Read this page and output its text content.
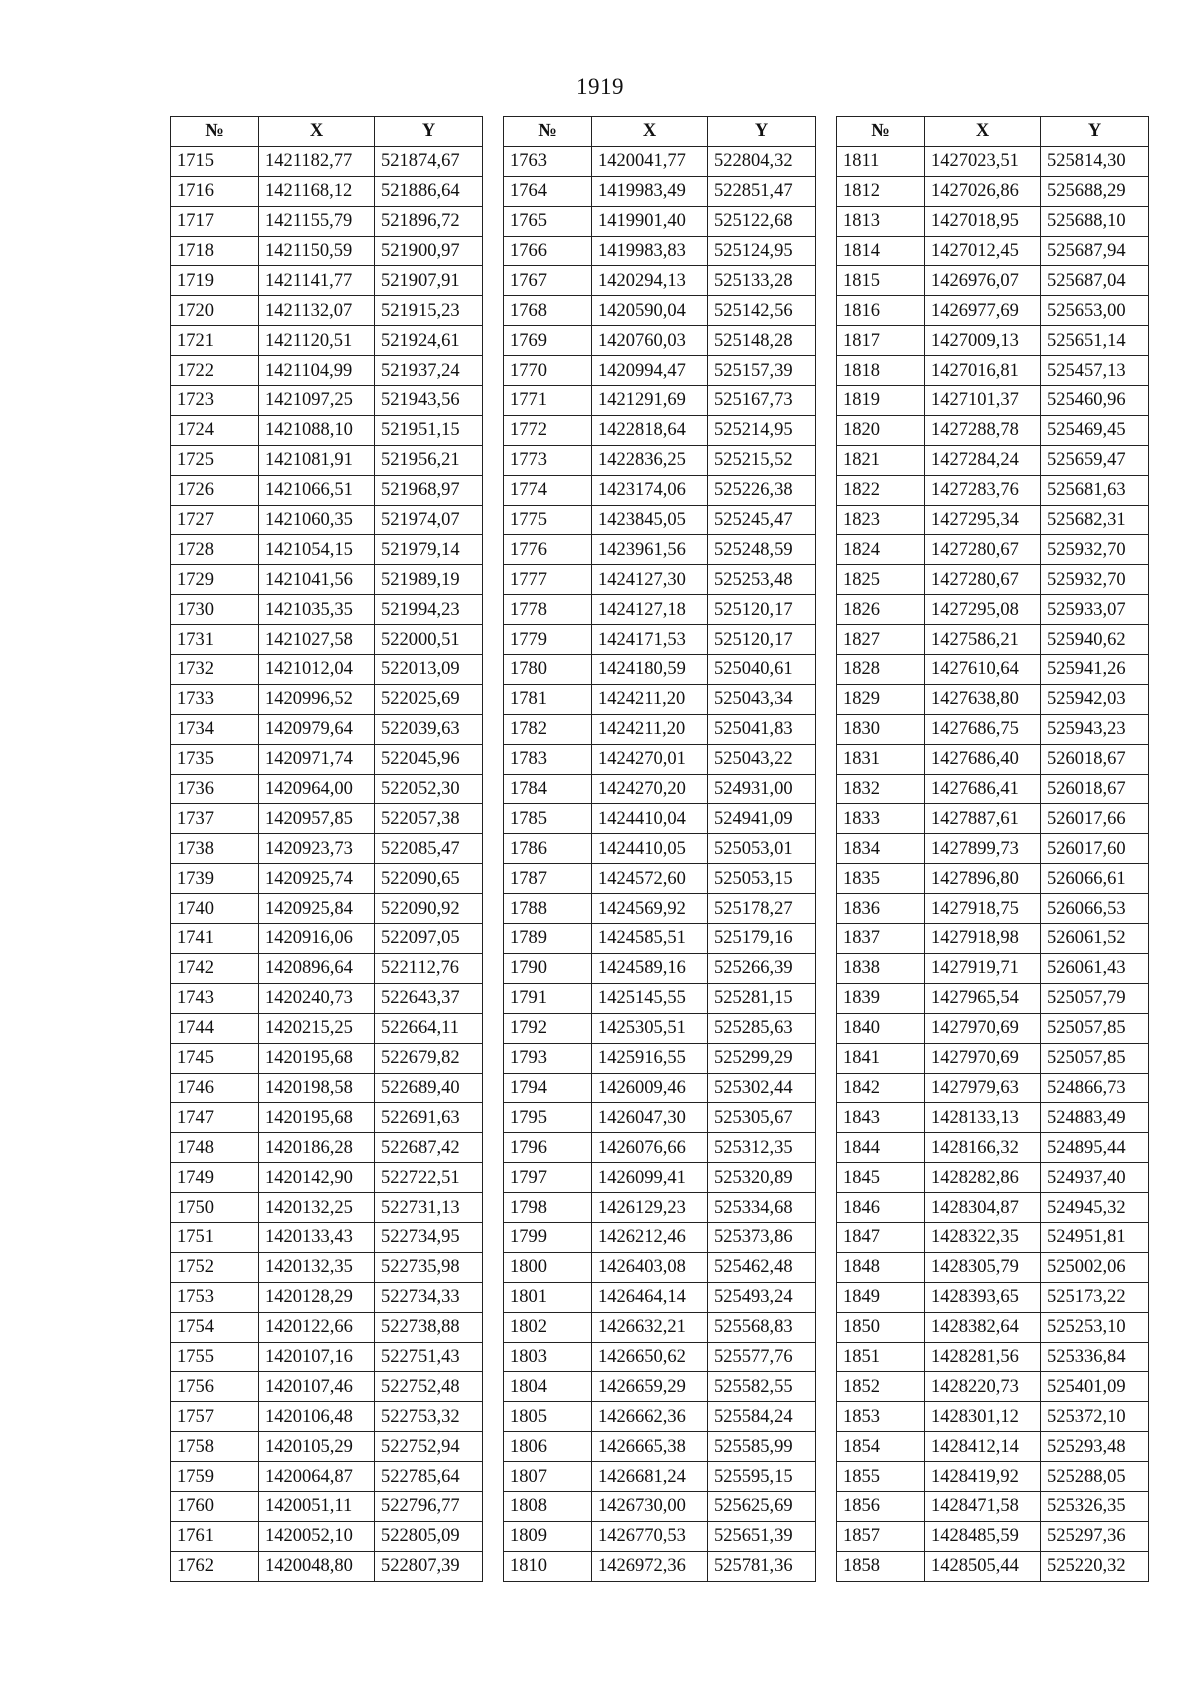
1919
№	X	Y
1715	1421182,77	521874,67
1716	1421168,12	521886,64
1717	1421155,79	521896,72
1718	1421150,59	521900,97
1719	1421141,77	521907,91
1720	1421132,07	521915,23
1721	1421120,51	521924,61
1722	1421104,99	521937,24
1723	1421097,25	521943,56
1724	1421088,10	521951,15
1725	1421081,91	521956,21
1726	1421066,51	521968,97
1727	1421060,35	521974,07
1728	1421054,15	521979,14
1729	1421041,56	521989,19
1730	1421035,35	521994,23
1731	1421027,58	522000,51
1732	1421012,04	522013,09
1733	1420996,52	522025,69
1734	1420979,64	522039,63
1735	1420971,74	522045,96
1736	1420964,00	522052,30
1737	1420957,85	522057,38
1738	1420923,73	522085,47
1739	1420925,74	522090,65
1740	1420925,84	522090,92
1741	1420916,06	522097,05
1742	1420896,64	522112,76
1743	1420240,73	522643,37
1744	1420215,25	522664,11
1745	1420195,68	522679,82
1746	1420198,58	522689,40
1747	1420195,68	522691,63
1748	1420186,28	522687,42
1749	1420142,90	522722,51
1750	1420132,25	522731,13
1751	1420133,43	522734,95
1752	1420132,35	522735,98
1753	1420128,29	522734,33
1754	1420122,66	522738,88
1755	1420107,16	522751,43
1756	1420107,46	522752,48
1757	1420106,48	522753,32
1758	1420105,29	522752,94
1759	1420064,87	522785,64
1760	1420051,11	522796,77
1761	1420052,10	522805,09
1762	1420048,80	522807,39
№	X	Y
1763	1420041,77	522804,32
1764	1419983,49	522851,47
1765	1419901,40	525122,68
1766	1419983,83	525124,95
1767	1420294,13	525133,28
1768	1420590,04	525142,56
1769	1420760,03	525148,28
1770	1420994,47	525157,39
1771	1421291,69	525167,73
1772	1422818,64	525214,95
1773	1422836,25	525215,52
1774	1423174,06	525226,38
1775	1423845,05	525245,47
1776	1423961,56	525248,59
1777	1424127,30	525253,48
1778	1424127,18	525120,17
1779	1424171,53	525120,17
1780	1424180,59	525040,61
1781	1424211,20	525043,34
1782	1424211,20	525041,83
1783	1424270,01	525043,22
1784	1424270,20	524931,00
1785	1424410,04	524941,09
1786	1424410,05	525053,01
1787	1424572,60	525053,15
1788	1424569,92	525178,27
1789	1424585,51	525179,16
1790	1424589,16	525266,39
1791	1425145,55	525281,15
1792	1425305,51	525285,63
1793	1425916,55	525299,29
1794	1426009,46	525302,44
1795	1426047,30	525305,67
1796	1426076,66	525312,35
1797	1426099,41	525320,89
1798	1426129,23	525334,68
1799	1426212,46	525373,86
1800	1426403,08	525462,48
1801	1426464,14	525493,24
1802	1426632,21	525568,83
1803	1426650,62	525577,76
1804	1426659,29	525582,55
1805	1426662,36	525584,24
1806	1426665,38	525585,99
1807	1426681,24	525595,15
1808	1426730,00	525625,69
1809	1426770,53	525651,39
1810	1426972,36	525781,36
№	X	Y
1811	1427023,51	525814,30
1812	1427026,86	525688,29
1813	1427018,95	525688,10
1814	1427012,45	525687,94
1815	1426976,07	525687,04
1816	1426977,69	525653,00
1817	1427009,13	525651,14
1818	1427016,81	525457,13
1819	1427101,37	525460,96
1820	1427288,78	525469,45
1821	1427284,24	525659,47
1822	1427283,76	525681,63
1823	1427295,34	525682,31
1824	1427280,67	525932,70
1825	1427280,67	525932,70
1826	1427295,08	525933,07
1827	1427586,21	525940,62
1828	1427610,64	525941,26
1829	1427638,80	525942,03
1830	1427686,75	525943,23
1831	1427686,40	526018,67
1832	1427686,41	526018,67
1833	1427887,61	526017,66
1834	1427899,73	526017,60
1835	1427896,80	526066,61
1836	1427918,75	526066,53
1837	1427918,98	526061,52
1838	1427919,71	526061,43
1839	1427965,54	525057,79
1840	1427970,69	525057,85
1841	1427970,69	525057,85
1842	1427979,63	524866,73
1843	1428133,13	524883,49
1844	1428166,32	524895,44
1845	1428282,86	524937,40
1846	1428304,87	524945,32
1847	1428322,35	524951,81
1848	1428305,79	525002,06
1849	1428393,65	525173,22
1850	1428382,64	525253,10
1851	1428281,56	525336,84
1852	1428220,73	525401,09
1853	1428301,12	525372,10
1854	1428412,14	525293,48
1855	1428419,92	525288,05
1856	1428471,58	525326,35
1857	1428485,59	525297,36
1858	1428505,44	525220,32
